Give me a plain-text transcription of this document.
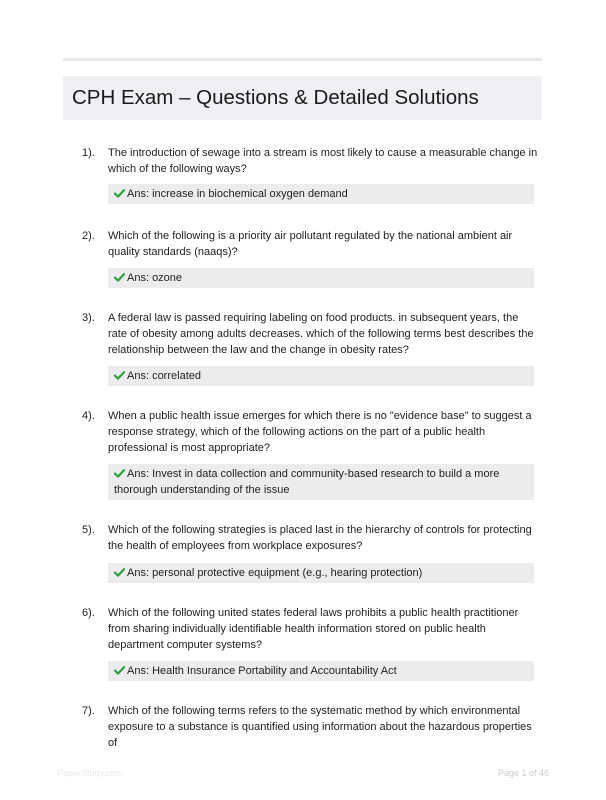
CPH Exam – Questions & Detailed Solutions
1). The introduction of sewage into a stream is most likely to cause a measurable change in which of the following ways?
Ans: increase in biochemical oxygen demand
2). Which of the following is a priority air pollutant regulated by the national ambient air quality standards (naaqs)?
Ans: ozone
3). A federal law is passed requiring labeling on food products. in subsequent years, the rate of obesity among adults decreases. which of the following terms best describes the relationship between the law and the change in obesity rates?
Ans: correlated
4). When a public health issue emerges for which there is no "evidence base" to suggest a response strategy, which of the following actions on the part of a public health professional is most appropriate?
Ans: Invest in data collection and community-based research to build a more thorough understanding of the issue
5). Which of the following strategies is placed last in the hierarchy of controls for protecting the health of employees from workplace exposures?
Ans: personal protective equipment (e.g., hearing protection)
6). Which of the following united states federal laws prohibits a public health practitioner from sharing individually identifiable health information stored on public health department computer systems?
Ans: Health Insurance Portability and Accountability Act
7). Which of the following terms refers to the systematic method by which environmental exposure to a substance is quantified using information about the hazardous properties of
PaperStudy.com	Page 1 of 46
